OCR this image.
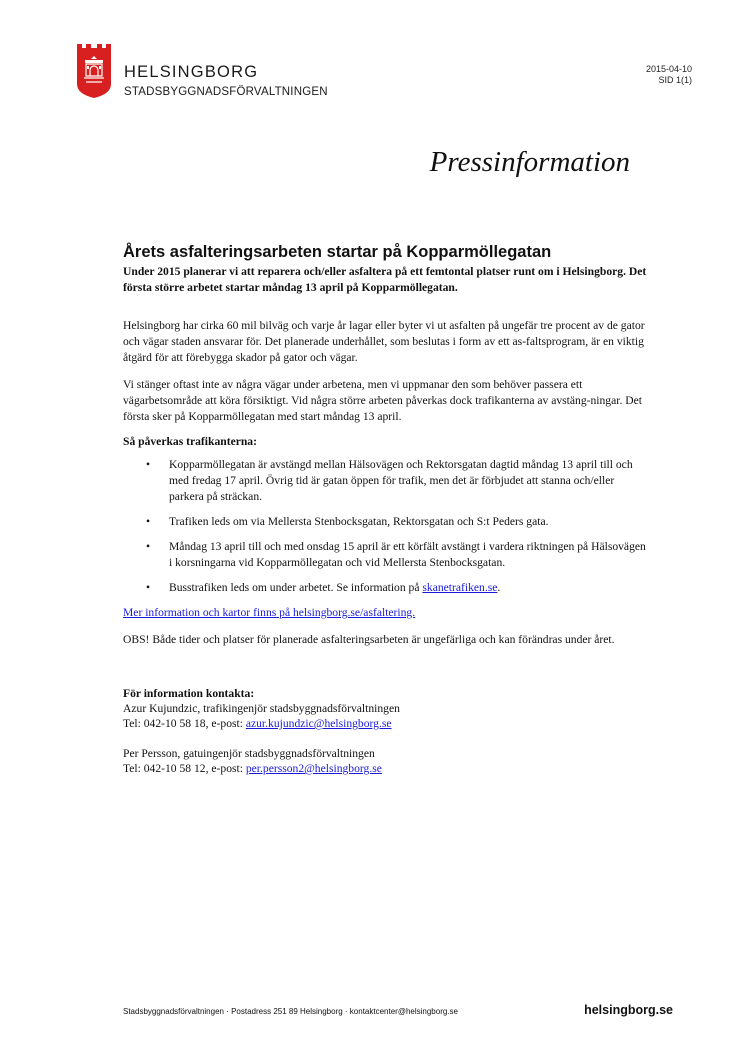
HELSINGBORG
STADSBYGGNADSFÖRVALTNINGEN
2015-04-10
SID 1(1)
Pressinformation
Årets asfalteringsarbeten startar på Kopparmöllegatan
Under 2015 planerar vi att reparera och/eller asfaltera på ett femtontal platser runt om i Helsingborg. Det första större arbetet startar måndag 13 april på Kopparmöllegatan.
Helsingborg har cirka 60 mil bilväg och varje år lagar eller byter vi ut asfalten på ungefär tre procent av de gator och vägar staden ansvarar för. Det planerade underhållet, som beslutas i form av ett as-faltsprogram, är en viktig åtgärd för att förebygga skador på gator och vägar.
Vi stänger oftast inte av några vägar under arbetena, men vi uppmanar den som behöver passera ett vägarbetsområde att köra försiktigt. Vid några större arbeten påverkas dock trafikanterna av avstäng-ningar. Det första sker på Kopparmöllegatan med start måndag 13 april.
Så påverkas trafikanterna:
• Kopparmöllegatan är avstängd mellan Hälsovägen och Rektorsgatan dagtid måndag 13 april till och med fredag 17 april. Övrig tid är gatan öppen för trafik, men det är förbjudet att stanna och/eller parkera på sträckan.
• Trafiken leds om via Mellersta Stenbocksgatan, Rektorsgatan och S:t Peders gata.
• Måndag 13 april till och med onsdag 15 april är ett körfält avstängt i vardera riktningen på Hälsovägen i korsningarna vid Kopparmöllegatan och vid Mellersta Stenbocksgatan.
• Busstrafiken leds om under arbetet. Se information på skanetrafiken.se.
Mer information och kartor finns på helsingborg.se/asfaltering.
OBS! Både tider och platser för planerade asfalteringsarbeten är ungefärliga och kan förändras under året.
För information kontakta:
Azur Kujundzic, trafikingenjör stadsbyggnadsförvaltningen
Tel: 042-10 58 18, e-post: azur.kujundzic@helsingborg.se
Per Persson, gatuingenjör stadsbyggnadsförvaltningen
Tel: 042-10 58 12, e-post: per.persson2@helsingborg.se
Stadsbyggnadsförvaltningen · Postadress 251 89 Helsingborg · kontaktcenter@helsingborg.se	helsingborg.se
